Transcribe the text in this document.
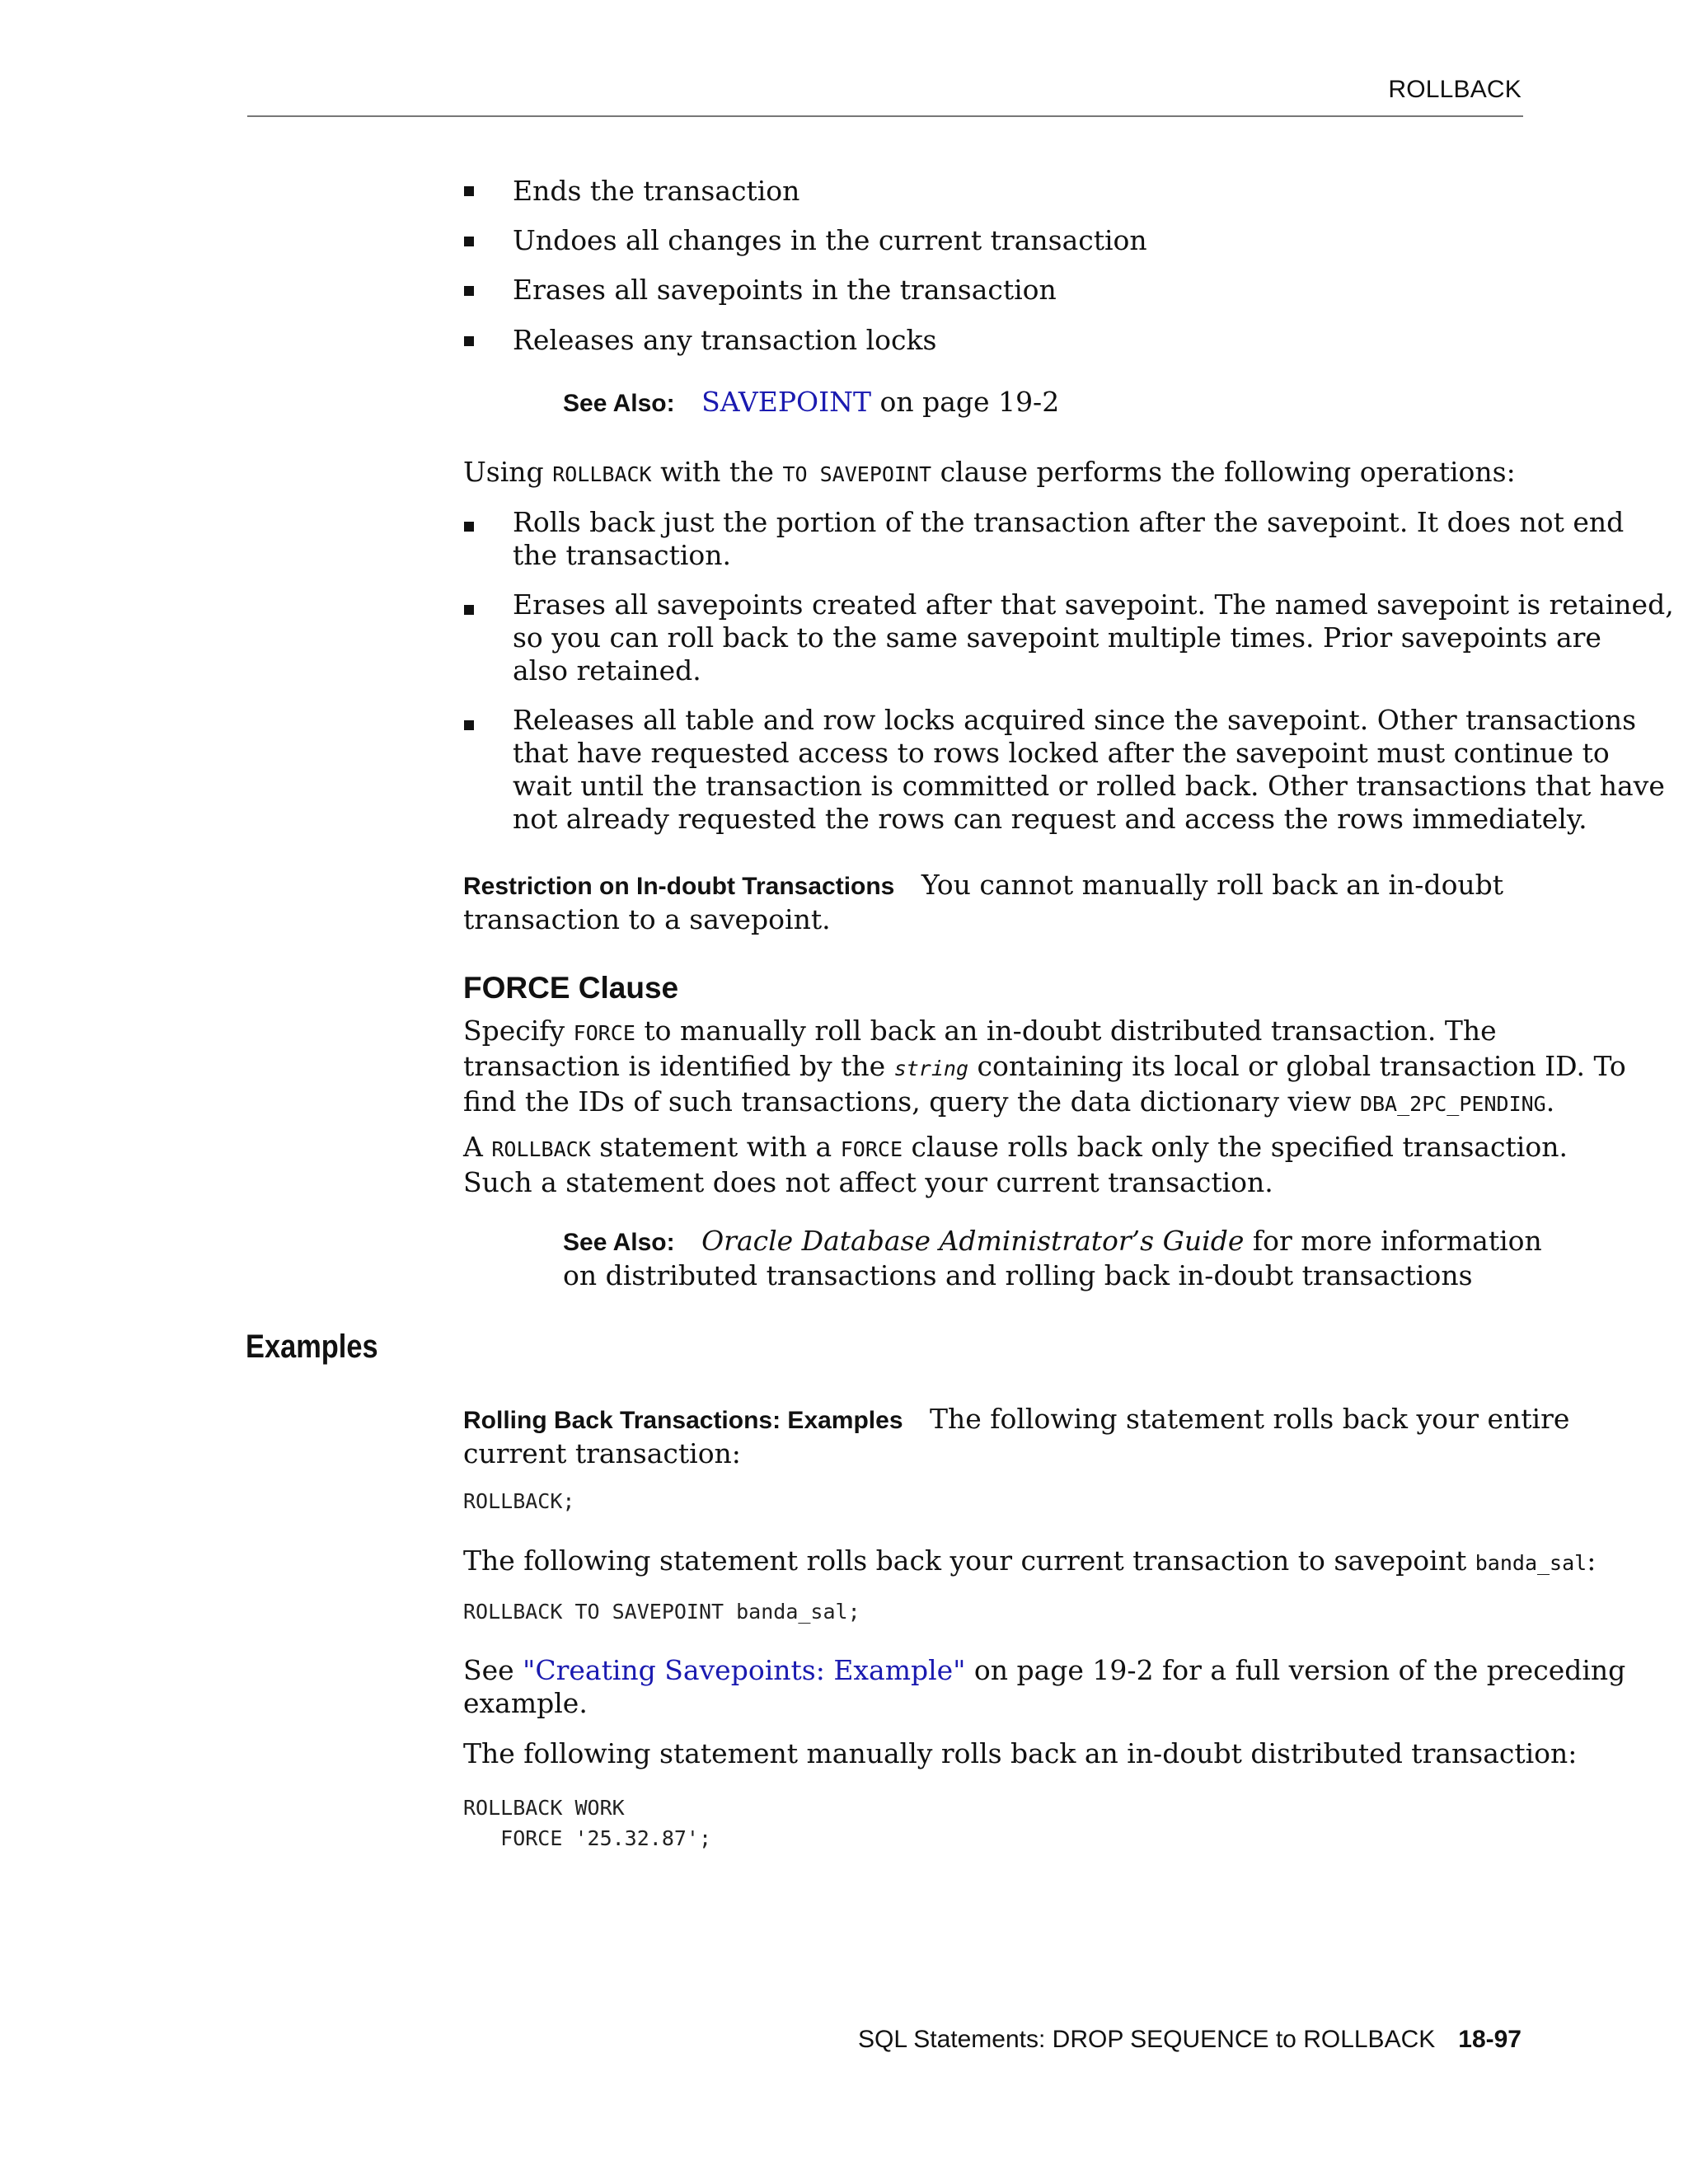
ROLLBACK
Ends the transaction
Undoes all changes in the current transaction
Erases all savepoints in the transaction
Releases any transaction locks
See Also: SAVEPOINT on page 19-2
Using ROLLBACK with the TO SAVEPOINT clause performs the following operations:
Rolls back just the portion of the transaction after the savepoint. It does not end
the transaction.
Erases all savepoints created after that savepoint. The named savepoint is retained,
so you can roll back to the same savepoint multiple times. Prior savepoints are
also retained.
Releases all table and row locks acquired since the savepoint. Other transactions
that have requested access to rows locked after the savepoint must continue to
wait until the transaction is committed or rolled back. Other transactions that have
not already requested the rows can request and access the rows immediately.
Restriction on In-doubt Transactions You cannot manually roll back an in-doubt
transaction to a savepoint.
FORCE Clause
Specify FORCE to manually roll back an in-doubt distributed transaction. The
transaction is identified by the string containing its local or global transaction ID. To
find the IDs of such transactions, query the data dictionary view DBA_2PC_PENDING.
A ROLLBACK statement with a FORCE clause rolls back only the specified transaction.
Such a statement does not affect your current transaction.
See Also: Oracle Database Administrator’s Guide for more information
on distributed transactions and rolling back in-doubt transactions
Examples
Rolling Back Transactions: Examples The following statement rolls back your entire
current transaction:
ROLLBACK;
The following statement rolls back your current transaction to savepoint banda_sal:
ROLLBACK TO SAVEPOINT banda_sal;
See "Creating Savepoints: Example" on page 19-2 for a full version of the preceding
example.
The following statement manually rolls back an in-doubt distributed transaction:
ROLLBACK WORK
FORCE '25.32.87';
SQL Statements: DROP SEQUENCE to ROLLBACK 18-97
